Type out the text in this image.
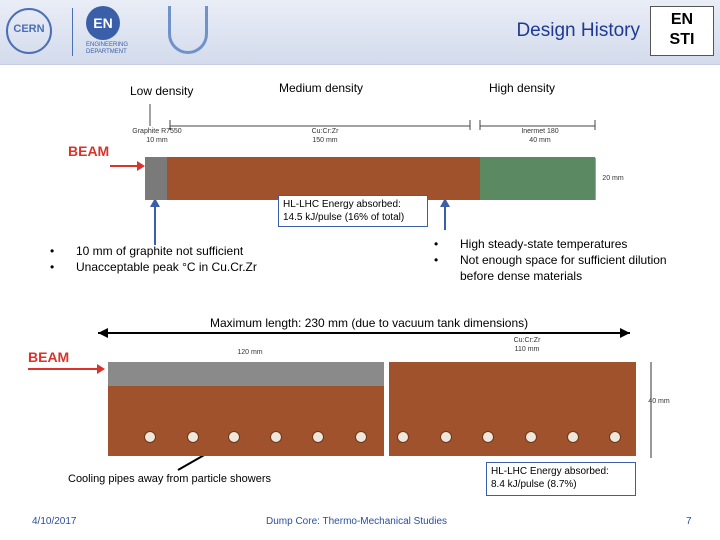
CERN	EN
ENGINEERING DEPARTMENT
Design History
EN
STI
Low density	Medium density	High density
Graphite R7550
10 mm
Cu:Cr:Zr
150 mm
Inermet 180
40 mm
BEAM
20 mm
HL-LHC Energy absorbed:
14.5 kJ/pulse (16% of total)
• 10 mm of graphite not sufficient
• Unacceptable peak °C in Cu.Cr.Zr
• High steady-state temperatures
• Not enough space for sufficient dilution before dense materials
Maximum length: 230 mm (due to vacuum tank dimensions)
BEAM	120 mm
Cu:Cr:Zr
110 mm
40 mm
Cooling pipes away from particle showers
HL-LHC Energy absorbed:
8.4 kJ/pulse (8.7%)
4/10/2017	Dump Core: Thermo-Mechanical Studies	7
